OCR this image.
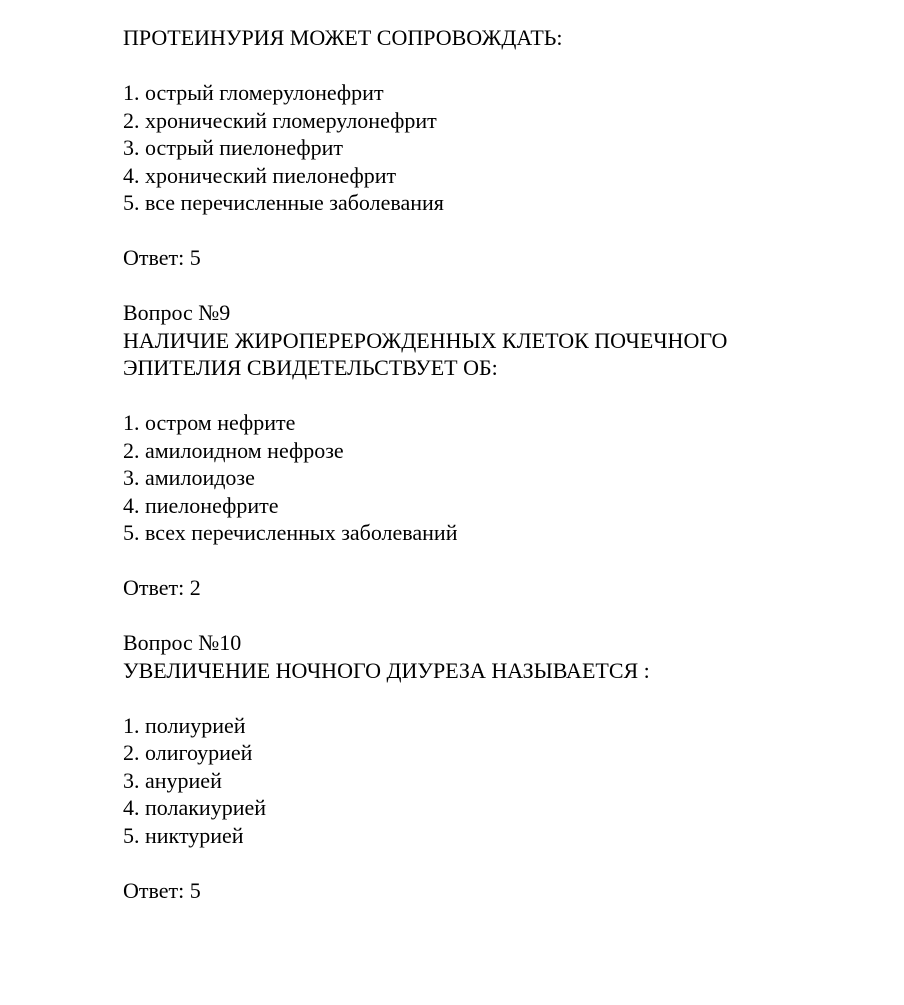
ПРОТЕИНУРИЯ МОЖЕТ СОПРОВОЖДАТЬ:
1. острый гломерулонефрит
2. хронический гломерулонефрит
3. острый пиелонефрит
4. хронический пиелонефрит
5. все перечисленные заболевания
Ответ: 5
Вопрос №9
НАЛИЧИЕ ЖИРОПЕРЕРОЖДЕННЫХ КЛЕТОК ПОЧЕЧНОГО
ЭПИТЕЛИЯ СВИДЕТЕЛЬСТВУЕТ ОБ:
1. остром нефрите
2. амилоидном нефрозе
3. амилоидозе
4. пиелонефрите
5. всех перечисленных заболеваний
Ответ: 2
Вопрос №10
УВЕЛИЧЕНИЕ НОЧНОГО ДИУРЕЗА НАЗЫВАЕТСЯ :
1. полиурией
2. олигоурией
3. анурией
4. полакиурией
5. никтурией
Ответ: 5
